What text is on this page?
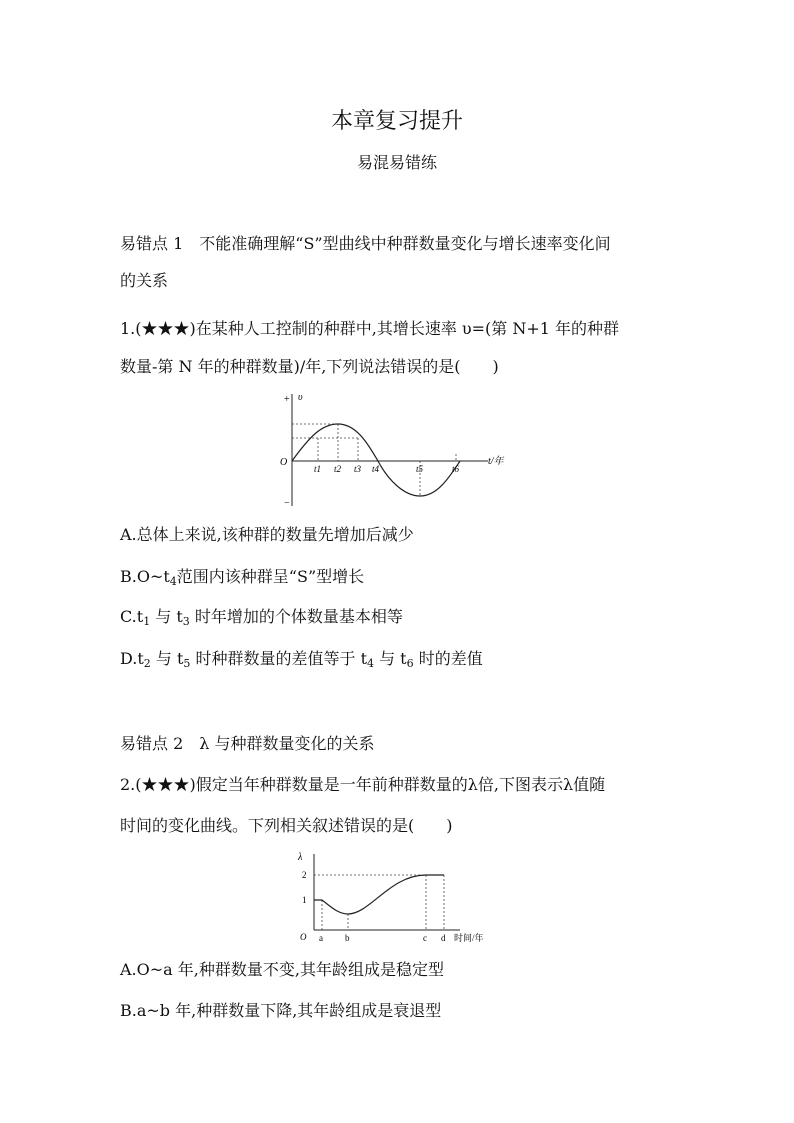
本章复习提升
易混易错练
易错点 1　不能准确理解“S”型曲线中种群数量变化与增长速率变化间
的关系
1.(★★★)在某种人工控制的种群中,其增长速率 υ=(第 N+1 年的种群
数量-第 N 年的种群数量)/年,下列说法错误的是(　　)
+ υ
−
O	t/年
t1 t2 t3 t4	t5	t6
A.总体上来说,该种群的数量先增加后减少
$B.O\sim t_4$范围内该种群呈“S”型增长
$C.t_1$ 与 $t_3$ 时年增加的个体数量基本相等
$D.t_2$ 与 $t_5$ 时种群数量的差值等于 $t_4$ 与 $t_6$ 时的差值
易错点 2　λ 与种群数量变化的关系
2.(★★★)假定当年种群数量是一年前种群数量的λ倍,下图表示λ值随
时间的变化曲线。下列相关叙述错误的是(　　)
λ
2
1
O a b	c d 时间/年
A.O~a 年,种群数量不变,其年龄组成是稳定型
B.a~b 年,种群数量下降,其年龄组成是衰退型
